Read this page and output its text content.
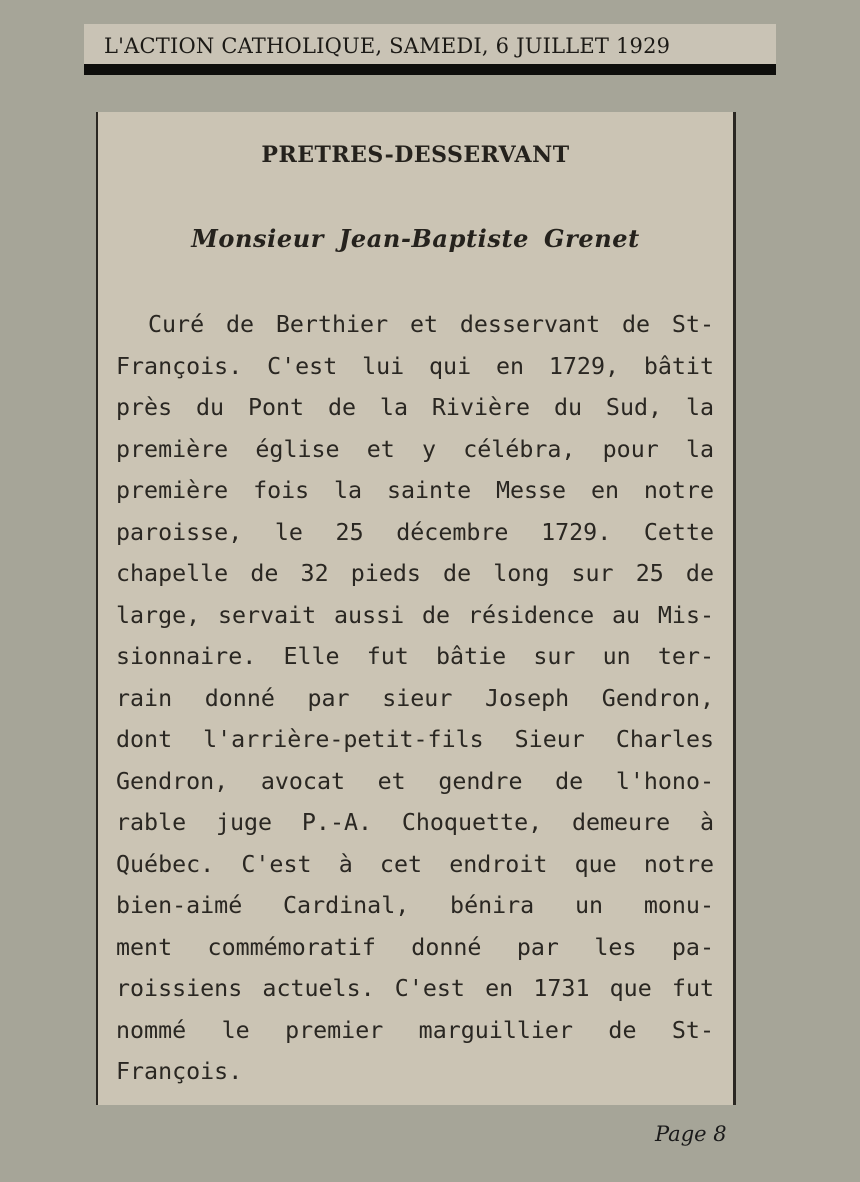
L'ACTION CATHOLIQUE, SAMEDI, 6 JUILLET 1929
PRETRES-DESSERVANT
Monsieur Jean-Baptiste Grenet
Curé de Berthier et desservant de St-
François. C'est lui qui en 1729, bâtit
près du Pont de la Rivière du Sud, la
première église et y célébra, pour la
première fois la sainte Messe en notre
paroisse, le 25 décembre 1729. Cette
chapelle de 32 pieds de long sur 25 de
large, servait aussi de résidence au Mis-
sionnaire. Elle fut bâtie sur un ter-
rain donné par sieur Joseph Gendron,
dont l'arrière-petit-fils Sieur Charles
Gendron, avocat et gendre de l'hono-
rable juge P.-A. Choquette, demeure à
Québec. C'est à cet endroit que notre
bien-aimé Cardinal, bénira un monu-
ment commémoratif donné par les pa-
roissiens actuels. C'est en 1731 que fut
nommé le premier marguillier de St-
François.
Page 8
